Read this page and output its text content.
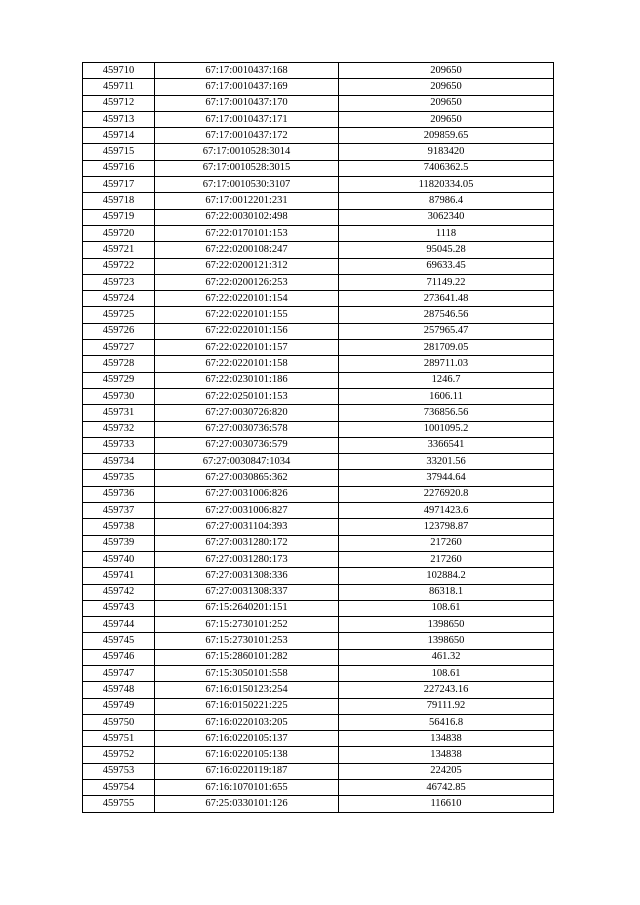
459710	67:17:0010437:168	209650
459711	67:17:0010437:169	209650
459712	67:17:0010437:170	209650
459713	67:17:0010437:171	209650
459714	67:17:0010437:172	209859.65
459715	67:17:0010528:3014	9183420
459716	67:17:0010528:3015	7406362.5
459717	67:17:0010530:3107	11820334.05
459718	67:17:0012201:231	87986.4
459719	67:22:0030102:498	3062340
459720	67:22:0170101:153	1118
459721	67:22:0200108:247	95045.28
459722	67:22:0200121:312	69633.45
459723	67:22:0200126:253	71149.22
459724	67:22:0220101:154	273641.48
459725	67:22:0220101:155	287546.56
459726	67:22:0220101:156	257965.47
459727	67:22:0220101:157	281709.05
459728	67:22:0220101:158	289711.03
459729	67:22:0230101:186	1246.7
459730	67:22:0250101:153	1606.11
459731	67:27:0030726:820	736856.56
459732	67:27:0030736:578	1001095.2
459733	67:27:0030736:579	3366541
459734	67:27:0030847:1034	33201.56
459735	67:27:0030865:362	37944.64
459736	67:27:0031006:826	2276920.8
459737	67:27:0031006:827	4971423.6
459738	67:27:0031104:393	123798.87
459739	67:27:0031280:172	217260
459740	67:27:0031280:173	217260
459741	67:27:0031308:336	102884.2
459742	67:27:0031308:337	86318.1
459743	67:15:2640201:151	108.61
459744	67:15:2730101:252	1398650
459745	67:15:2730101:253	1398650
459746	67:15:2860101:282	461.32
459747	67:15:3050101:558	108.61
459748	67:16:0150123:254	227243.16
459749	67:16:0150221:225	79111.92
459750	67:16:0220103:205	56416.8
459751	67:16:0220105:137	134838
459752	67:16:0220105:138	134838
459753	67:16:0220119:187	224205
459754	67:16:1070101:655	46742.85
459755	67:25:0330101:126	116610
